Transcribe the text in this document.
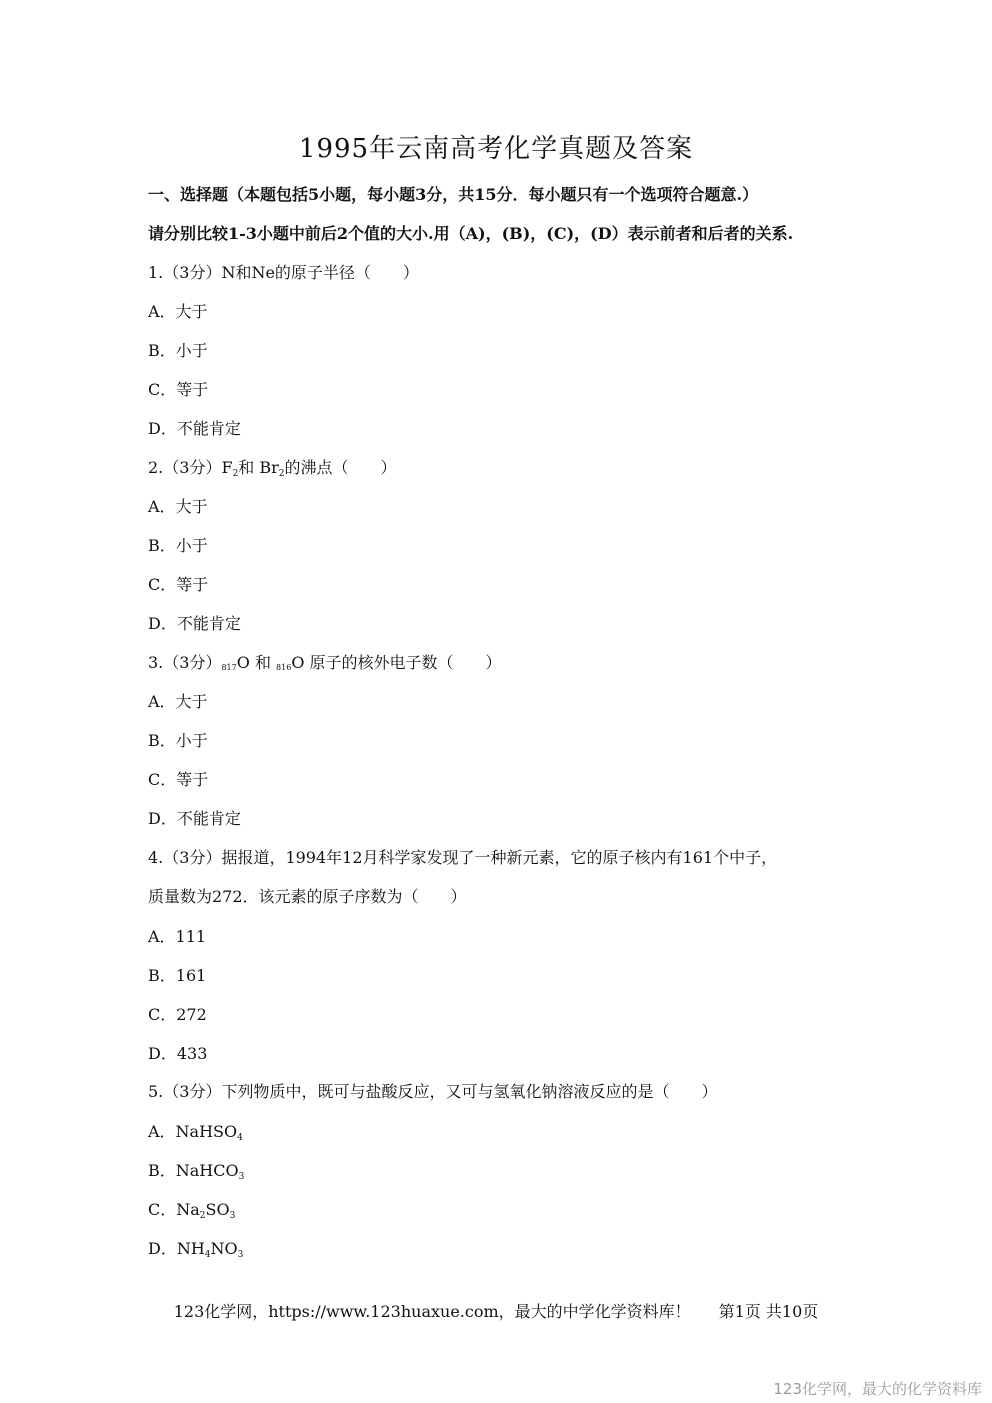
1995年云南高考化学真题及答案
一、选择题（本题包括5小题，每小题3分，共15分．每小题只有一个选项符合题意.）
请分别比较1-3小题中前后2个值的大小.用（A)，(B)，(C)，(D）表示前者和后者的关系.
1.（3分）N和Ne的原子半径（　　）
A．大于
B．小于
C．等于
D．不能肯定
2.（3分）$F_2$和 $Br_2$的沸点（　　）
A．大于
B．小于
C．等于
D．不能肯定
3.（3分）$8^{17}O$ 和 $8^{16}O$ 原子的核外电子数（　　）
A．大于
B．小于
C．等于
D．不能肯定
4.（3分）据报道，1994年12月科学家发现了一种新元素，它的原子核内有161个中子，
质量数为272．该元素的原子序数为（　　）
A．111
B．161
C．272
D．433
5.（3分）下列物质中，既可与盐酸反应，又可与氢氧化钠溶液反应的是（　　）
A．NaHSO$_4$
B．NaHCO$_3$
C．$Na_2SO_3$
D．$NH_4NO_3$
123化学网，https://www.123huaxue.com，最大的中学化学资料库！ 第1页 共10页
123化学网，最大的化学资料库
